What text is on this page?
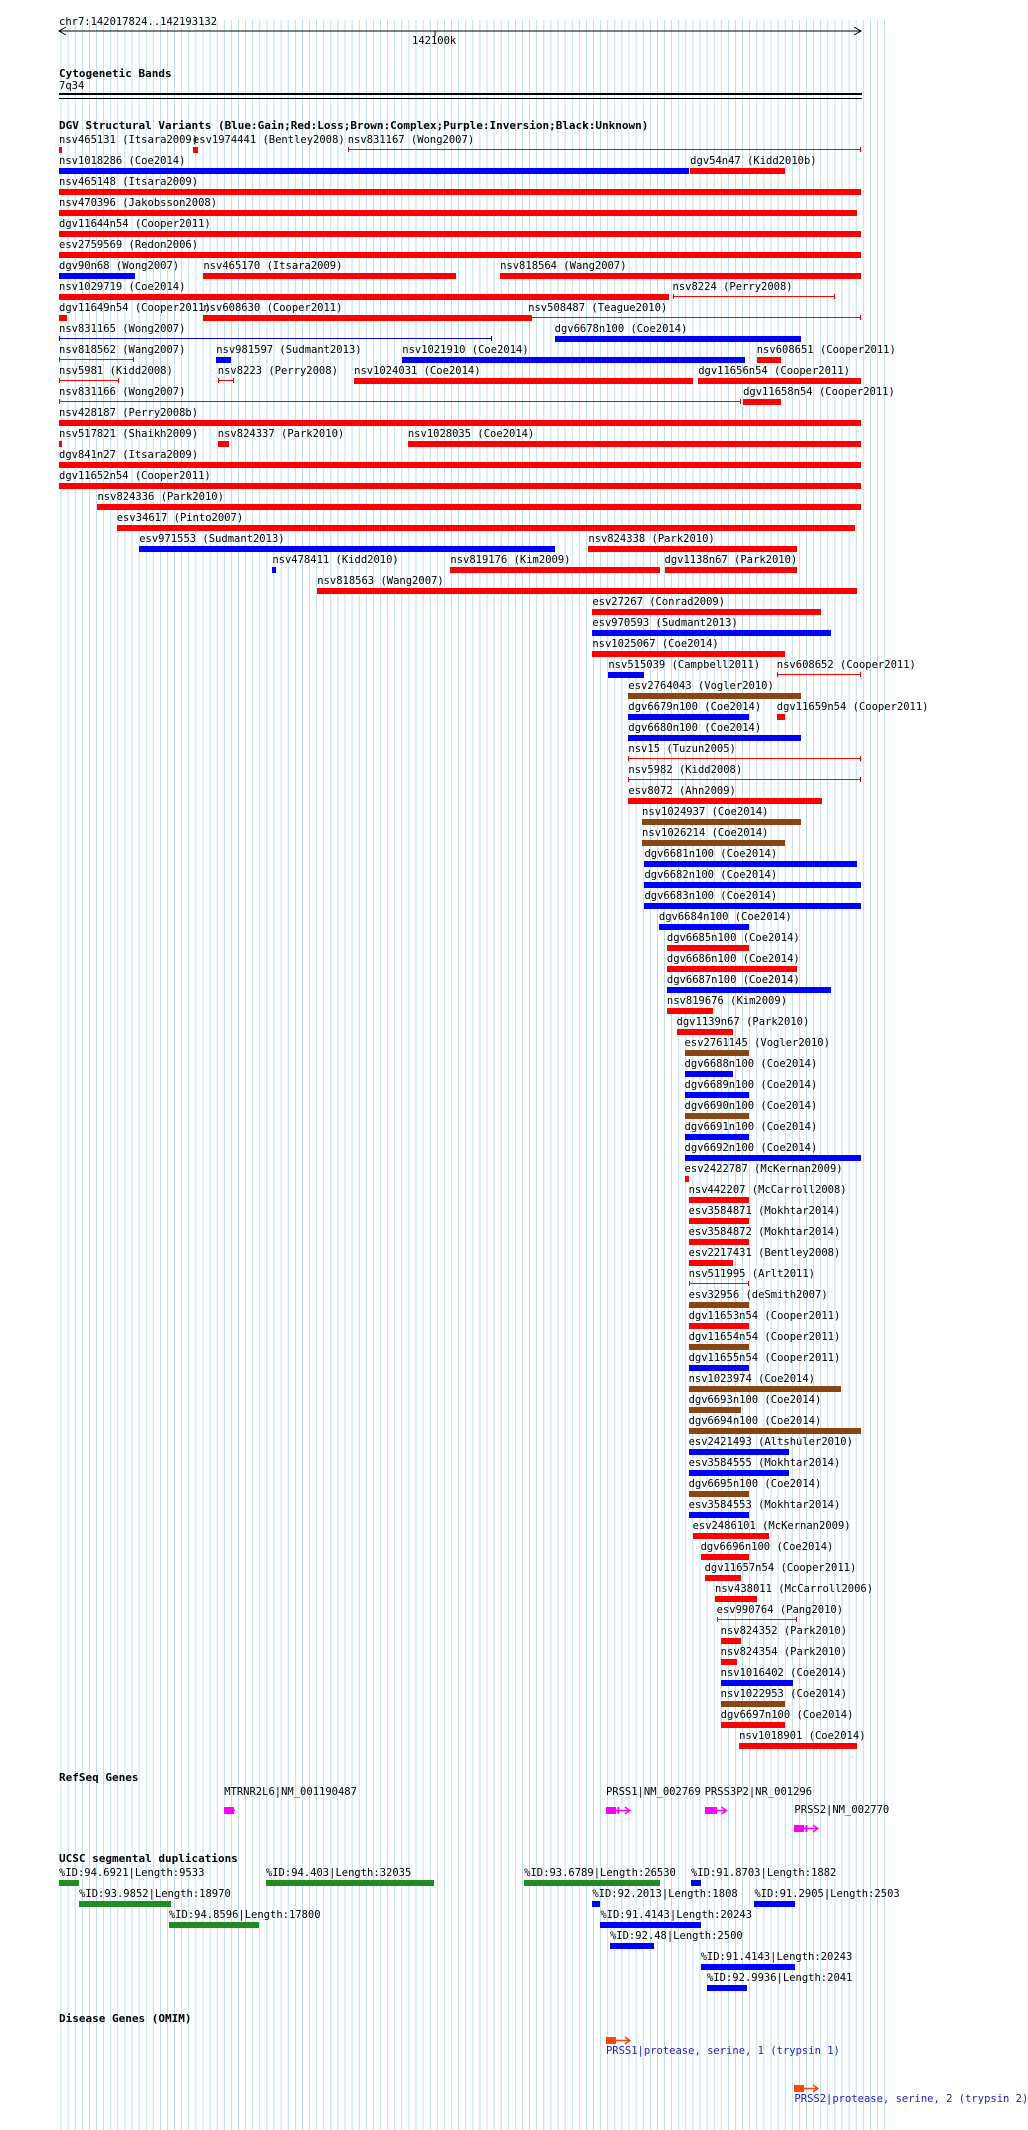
chr7:142017824..142193132
142100k
Cytogenetic Bands
7q34
DGV Structural Variants (Blue:Gain;Red:Loss;Brown:Complex;Purple:Inversion;Black:Unknown)
nsv465131 (Itsara2009)
esv1974441 (Bentley2008) nsv831167 (Wong2007)
nsv1018286 (Coe2014)	dgv54n47 (Kidd2010b)
nsv465148 (Itsara2009)
nsv470396 (Jakobsson2008)
dgv11644n54 (Cooper2011)
esv2759569 (Redon2006)
dgv90n68 (Wong2007) nsv465170 (Itsara2009)	nsv818564 (Wang2007)
nsv1029719 (Coe2014)	nsv8224 (Perry2008)
dgv11649n54 (Cooper2011)
nsv608630 (Cooper2011)	nsv508487 (Teague2010)
nsv831165 (Wong2007)	dgv6678n100 (Coe2014)
nsv818562 (Wang2007)	nsv981597 (Sudmant2013)	nsv1021910 (Coe2014)	nsv608651 (Cooper2011)
nsv5981 (Kidd2008)	nsv8223 (Perry2008) nsv1024031 (Coe2014)	dgv11656n54 (Cooper2011)
nsv831166 (Wong2007)	dgv11658n54 (Cooper2011)
nsv428187 (Perry2008b)
nsv517821 (Shaikh2009) nsv824337 (Park2010)	nsv1028035 (Coe2014)
dgv841n27 (Itsara2009)
dgv11652n54 (Cooper2011)
nsv824336 (Park2010)
esv34617 (Pinto2007)
esv971553 (Sudmant2013)	nsv824338 (Park2010)
nsv478411 (Kidd2010)	nsv819176 (Kim2009)	dgv1138n67 (Park2010)
nsv818563 (Wang2007)
esv27267 (Conrad2009)
esv970593 (Sudmant2013)
nsv1025067 (Coe2014)
nsv515039 (Campbell2011) nsv608652 (Cooper2011)
esv2764043 (Vogler2010)
dgv6679n100 (Coe2014) dgv11659n54 (Cooper2011)
dgv6680n100 (Coe2014)
nsv15 (Tuzun2005)
nsv5982 (Kidd2008)
esv8072 (Ahn2009)
nsv1024937 (Coe2014)
nsv1026214 (Coe2014)
dgv6681n100 (Coe2014)
dgv6682n100 (Coe2014)
dgv6683n100 (Coe2014)
dgv6684n100 (Coe2014)
dgv6685n100 (Coe2014)
dgv6686n100 (Coe2014)
dgv6687n100 (Coe2014)
nsv819676 (Kim2009)
dgv1139n67 (Park2010)
esv2761145 (Vogler2010)
dgv6688n100 (Coe2014)
dgv6689n100 (Coe2014)
dgv6690n100 (Coe2014)
dgv6691n100 (Coe2014)
dgv6692n100 (Coe2014)
esv2422787 (McKernan2009)
nsv442207 (McCarroll2008)
esv3584871 (Mokhtar2014)
esv3584872 (Mokhtar2014)
esv2217431 (Bentley2008)
nsv511995 (Arlt2011)
esv32956 (deSmith2007)
dgv11653n54 (Cooper2011)
dgv11654n54 (Cooper2011)
dgv11655n54 (Cooper2011)
nsv1023974 (Coe2014)
dgv6693n100 (Coe2014)
dgv6694n100 (Coe2014)
esv2421493 (Altshuler2010)
esv3584555 (Mokhtar2014)
dgv6695n100 (Coe2014)
esv3584553 (Mokhtar2014)
esv2486101 (McKernan2009)
dgv6696n100 (Coe2014)
dgv11657n54 (Cooper2011)
nsv438011 (McCarroll2006)
esv990764 (Pang2010)
nsv824352 (Park2010)
nsv824354 (Park2010)
nsv1016402 (Coe2014)
nsv1022953 (Coe2014)
dgv6697n100 (Coe2014)
nsv1018901 (Coe2014)
RefSeq Genes
MTRNR2L6|NM_001190487	PRSS1|NM_002769 PRSS3P2|NR_001296
PRSS2|NM_002770
UCSC segmental duplications
%ID:94.6921|Length:9533	%ID:94.403|Length:32035	%ID:93.6789|Length:26530 %ID:91.8703|Length:1882
%ID:93.9852|Length:18970	%ID:92.2013|Length:1808 %ID:91.2905|Length:2503
%ID:94.8596|Length:17800	%ID:91.4143|Length:20243
%ID:92.48|Length:2500
%ID:91.4143|Length:20243
%ID:92.9936|Length:2041
Disease Genes (OMIM)
PRSS1|protease, serine, 1 (trypsin 1)
PRSS2|protease, serine, 2 (trypsin 2)
